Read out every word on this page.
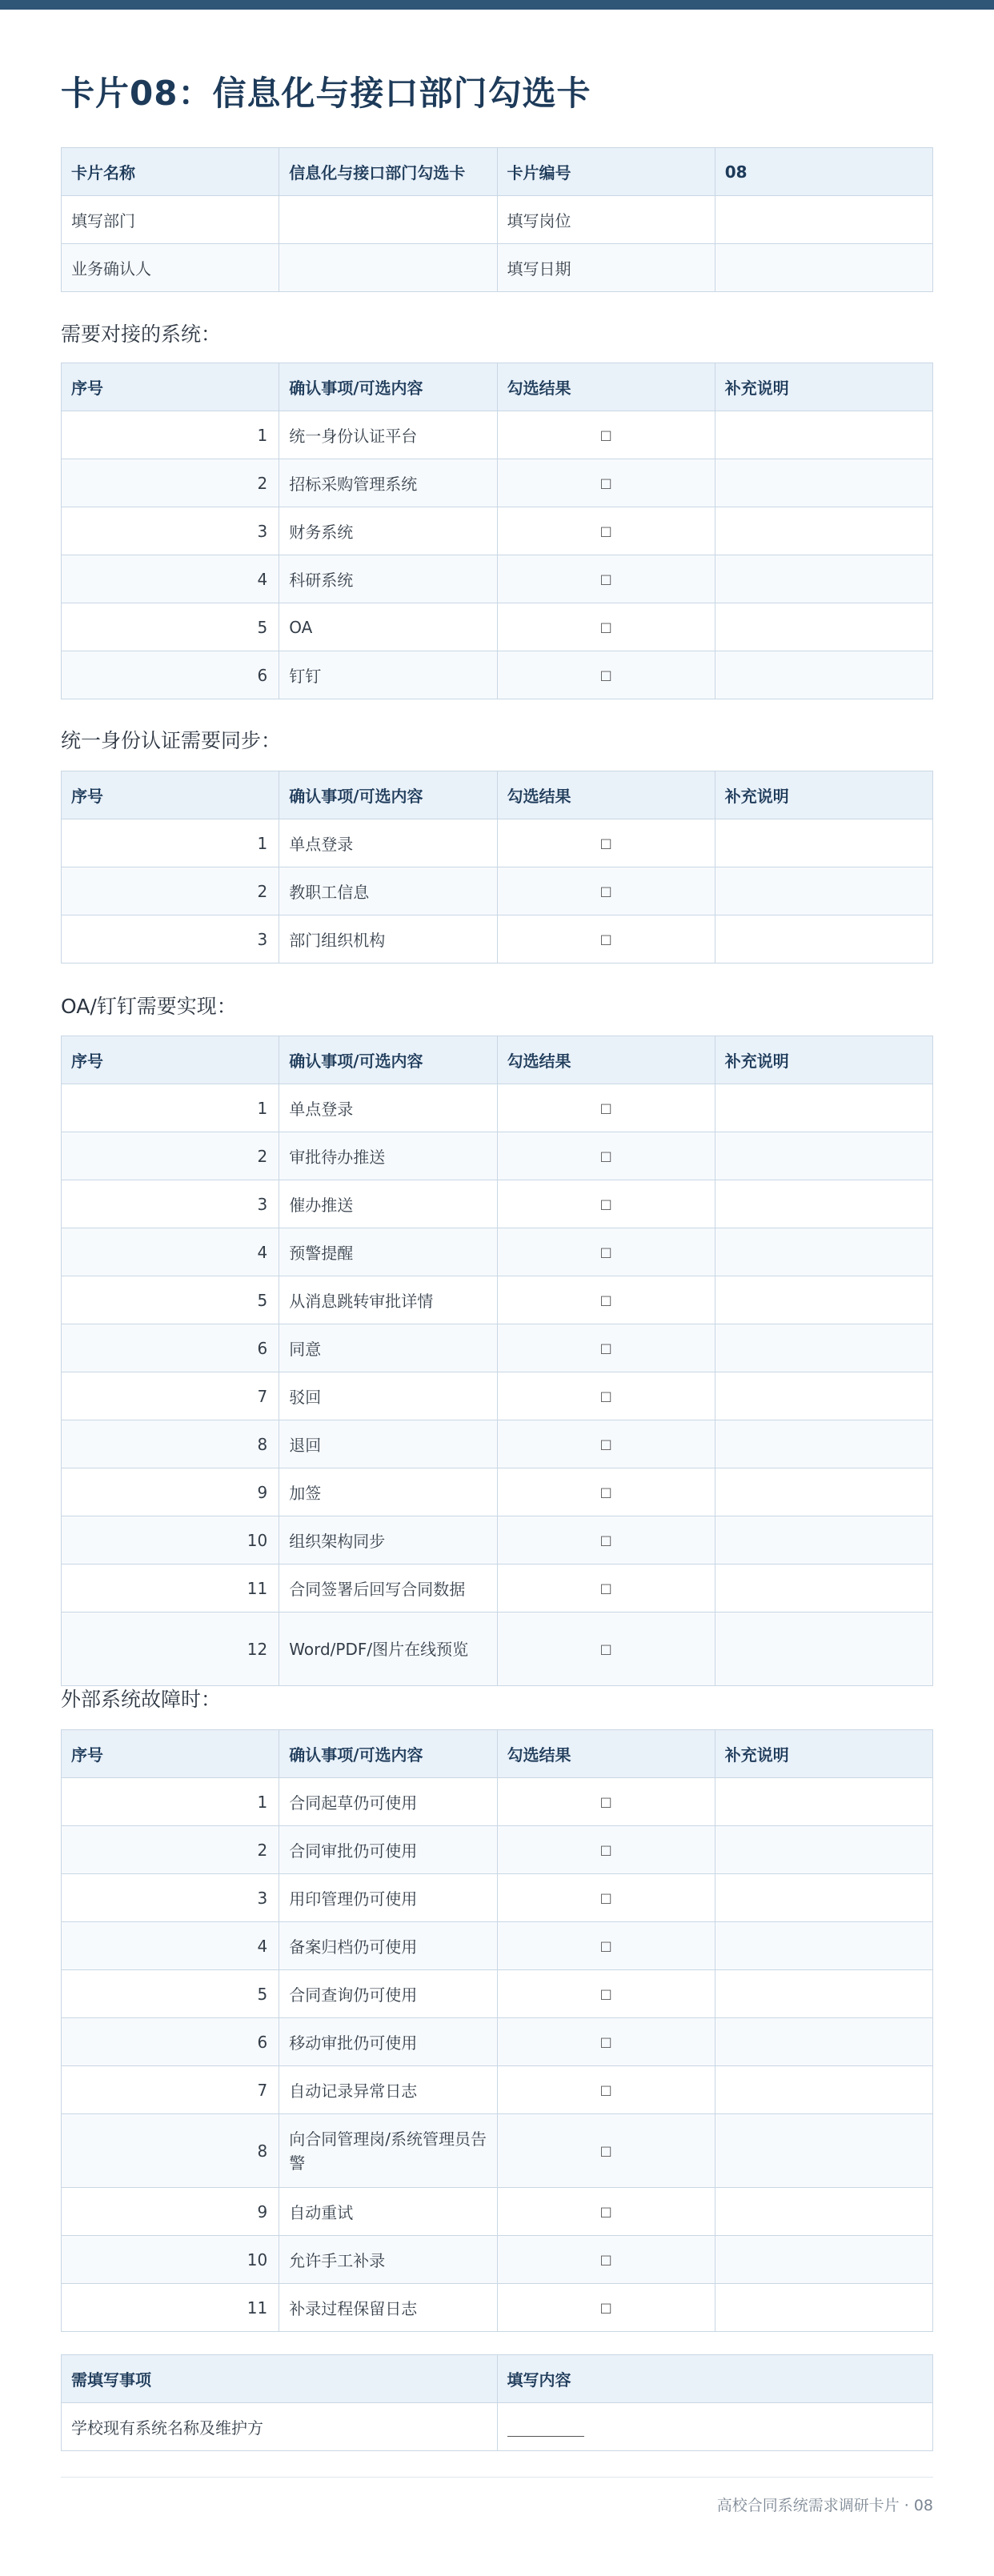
卡片08：信息化与接口部门勾选卡
卡片名称	信息化与接口部门勾选卡	卡片编号	08
填写部门		填写岗位	
业务确认人		填写日期	
需要对接的系统：
序号	确认事项/可选内容	勾选结果	补充说明
1	统一身份认证平台	□	
2	招标采购管理系统	□	
3	财务系统	□	
4	科研系统	□	
5	OA	□	
6	钉钉	□	
统一身份认证需要同步：
序号	确认事项/可选内容	勾选结果	补充说明
1	单点登录	□	
2	教职工信息	□	
3	部门组织机构	□	
OA/钉钉需要实现：
序号	确认事项/可选内容	勾选结果	补充说明
1	单点登录	□	
2	审批待办推送	□	
3	催办推送	□	
4	预警提醒	□	
5	从消息跳转审批详情	□	
6	同意	□	
7	驳回	□	
8	退回	□	
9	加签	□	
10	组织架构同步	□	
11	合同签署后回写合同数据	□	
12	Word/PDF/图片在线预览	□	
外部系统故障时：
序号	确认事项/可选内容	勾选结果	补充说明
1	合同起草仍可使用	□	
2	合同审批仍可使用	□	
3	用印管理仍可使用	□	
4	备案归档仍可使用	□	
5	合同查询仍可使用	□	
6	移动审批仍可使用	□	
7	自动记录异常日志	□	
8	向合同管理岗/系统管理员告警	□	
9	自动重试	□	
10	允许手工补录	□	
11	补录过程保留日志	□	
需填写事项	填写内容
学校现有系统名称及维护方	
高校合同系统需求调研卡片 · 08
